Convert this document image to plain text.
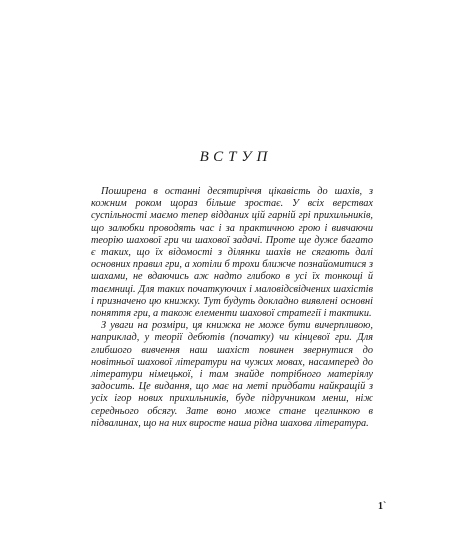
ВСТУП

Поширена в останні десятиріччя цікавість до шахів, з кожним роком щораз більше зростає. У всіх верствах суспільності маємо тепер відданих цій гарній грі прихильників, що залюбки проводять час і за практичною грою і вивчаючи теорію шахової гри чи шахової задачі. Проте ще дуже багато є таких, що їх відомості з ділянки шахів не сягають далі основних правил гри, а хотіли б трохи ближче познайомитися з шахами, не вдаючись аж надто глибоко в усі їх тонкощі й таємниці. Для таких початкуючих і маловідсвідчених шахістів і призначено цю книжку. Тут будуть докладно виявлені основні поняття гри, а також елементи шахової стратегії і тактики.

З уваги на розміри, ця книжка не може бути вичерпливою, наприклад, у теорії дебютів (початку) чи кінцевої гри. Для глибшого вивчення наш шахіст повинен звернутися до новітньої шахової літератури на чужих мовах, насамперед до літератури німецької, і там знайде потрібного матеріялу задосить. Це видання, що має на меті придбати найкращій з усіх ігор нових прихильників, буде підручником менш, ніж середнього обсягу. Зате воно може стане цеглинкою в підвалинах, що на них виросте наша рідна шахова література.

1`
